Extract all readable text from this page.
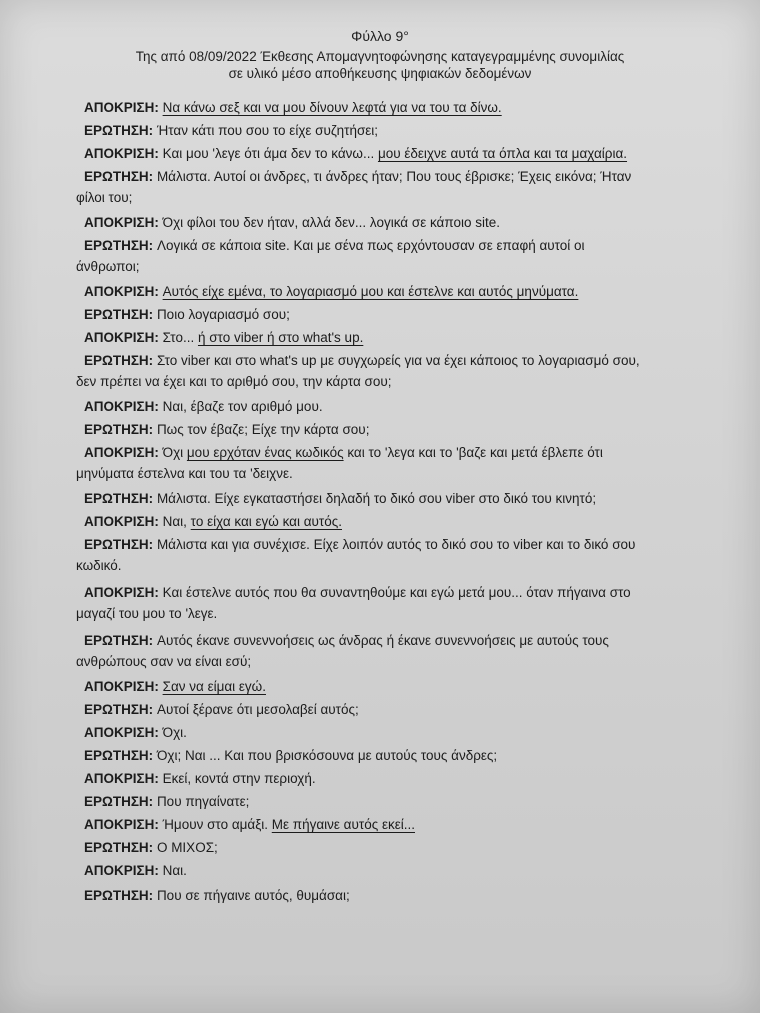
Φύλλο 9°
Της από 08/09/2022 Έκθεσης Απομαγνητοφώνησης καταγεγραμμένης συνομιλίας
σε υλικό μέσο αποθήκευσης ψηφιακών δεδομένων
ΑΠΟΚΡΙΣΗ: Να κάνω σεξ και να μου δίνουν λεφτά για να του τα δίνω.
ΕΡΩΤΗΣΗ: Ήταν κάτι που σου το είχε συζητήσει;
ΑΠΟΚΡΙΣΗ: Και μου 'λεγε ότι άμα δεν το κάνω... μου έδειχνε αυτά τα όπλα και τα μαχαίρια.
ΕΡΩΤΗΣΗ: Μάλιστα. Αυτοί οι άνδρες, τι άνδρες ήταν; Που τους έβρισκε; Έχεις εικόνα; Ήταν
φίλοι του;
ΑΠΟΚΡΙΣΗ: Όχι φίλοι του δεν ήταν, αλλά δεν... λογικά σε κάποιο site.
ΕΡΩΤΗΣΗ: Λογικά σε κάποια site. Και με σένα πως ερχόντουσαν σε επαφή αυτοί οι
άνθρωποι;
ΑΠΟΚΡΙΣΗ: Αυτός είχε εμένα, το λογαριασμό μου και έστελνε και αυτός μηνύματα.
ΕΡΩΤΗΣΗ: Ποιο λογαριασμό σου;
ΑΠΟΚΡΙΣΗ: Στο... ή στο viber ή στο what's up.
ΕΡΩΤΗΣΗ: Στο viber και στο what's up με συγχωρείς για να έχει κάποιος το λογαριασμό σου,
δεν πρέπει να έχει και το αριθμό σου, την κάρτα σου;
ΑΠΟΚΡΙΣΗ: Ναι, έβαζε τον αριθμό μου.
ΕΡΩΤΗΣΗ: Πως τον έβαζε; Είχε την κάρτα σου;
ΑΠΟΚΡΙΣΗ: Όχι μου ερχόταν ένας κωδικός και το 'λεγα και το 'βαζε και μετά έβλεπε ότι
μηνύματα έστελνα και του τα 'δειχνε.
ΕΡΩΤΗΣΗ: Μάλιστα. Είχε εγκαταστήσει δηλαδή το δικό σου viber στο δικό του κινητό;
ΑΠΟΚΡΙΣΗ: Ναι, το είχα και εγώ και αυτός.
ΕΡΩΤΗΣΗ: Μάλιστα και για συνέχισε. Είχε λοιπόν αυτός το δικό σου το viber και το δικό σου
κωδικό.
ΑΠΟΚΡΙΣΗ: Και έστελνε αυτός που θα συναντηθούμε και εγώ μετά μου... όταν πήγαινα στο
μαγαζί του μου το 'λεγε.
ΕΡΩΤΗΣΗ: Αυτός έκανε συνεννοήσεις ως άνδρας ή έκανε συνεννοήσεις με αυτούς τους
ανθρώπους σαν να είναι εσύ;
ΑΠΟΚΡΙΣΗ: Σαν να είμαι εγώ.
ΕΡΩΤΗΣΗ: Αυτοί ξέρανε ότι μεσολαβεί αυτός;
ΑΠΟΚΡΙΣΗ: Όχι.
ΕΡΩΤΗΣΗ: Όχι; Ναι ... Και που βρισκόσουνα με αυτούς τους άνδρες;
ΑΠΟΚΡΙΣΗ: Εκεί, κοντά στην περιοχή.
ΕΡΩΤΗΣΗ: Που πηγαίνατε;
ΑΠΟΚΡΙΣΗ: Ήμουν στο αμάξι. Με πήγαινε αυτός εκεί...
ΕΡΩΤΗΣΗ: Ο ΜΙΧΟΣ;
ΑΠΟΚΡΙΣΗ: Ναι.
ΕΡΩΤΗΣΗ: Που σε πήγαινε αυτός, θυμάσαι;
